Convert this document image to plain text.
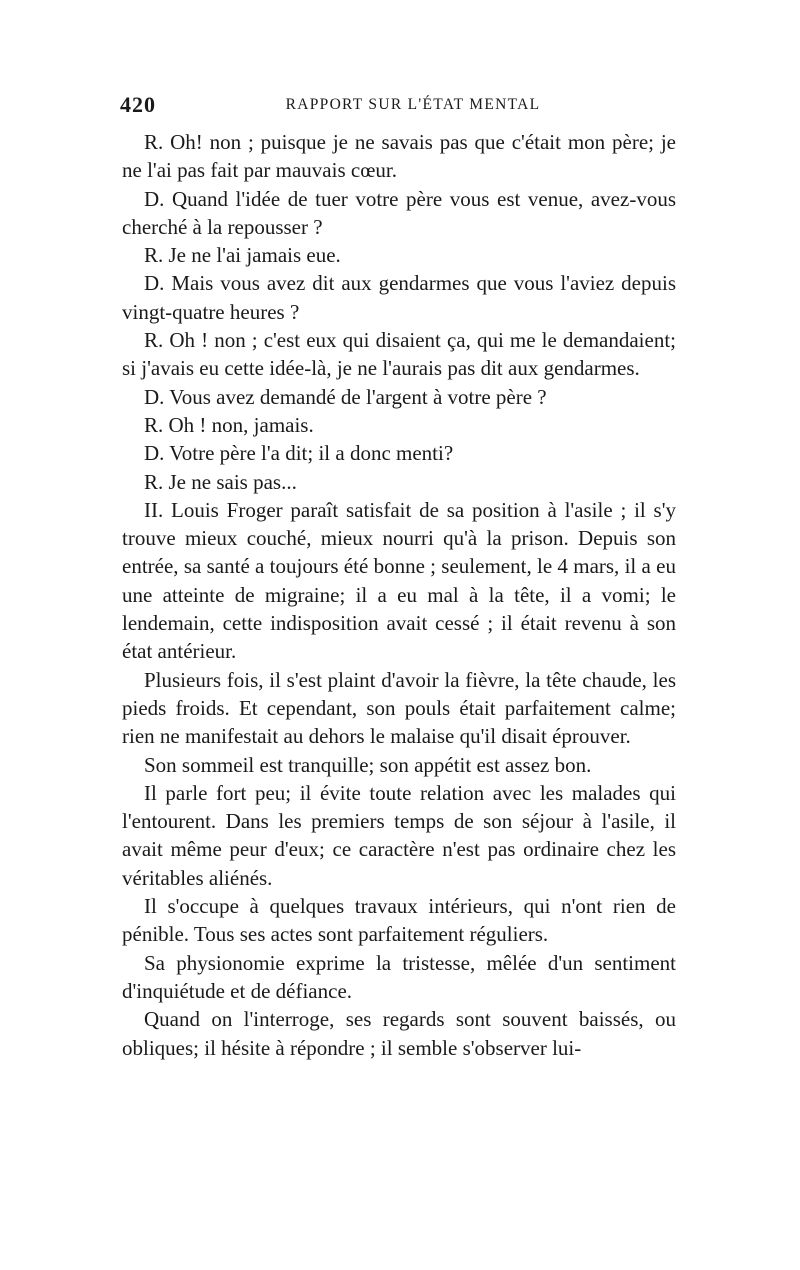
420	RAPPORT SUR L'ÉTAT MENTAL

R. Oh! non ; puisque je ne savais pas que c'était mon père; je ne l'ai pas fait par mauvais cœur.

D. Quand l'idée de tuer votre père vous est venue, avez-vous cherché à la repousser ?

R. Je ne l'ai jamais eue.

D. Mais vous avez dit aux gendarmes que vous l'aviez depuis vingt-quatre heures ?

R. Oh ! non ; c'est eux qui disaient ça, qui me le demandaient; si j'avais eu cette idée-là, je ne l'aurais pas dit aux gendarmes.

D. Vous avez demandé de l'argent à votre père ?

R. Oh ! non, jamais.

D. Votre père l'a dit; il a donc menti?

R. Je ne sais pas...

II. Louis Froger paraît satisfait de sa position à l'asile ; il s'y trouve mieux couché, mieux nourri qu'à la prison. Depuis son entrée, sa santé a toujours été bonne ; seulement, le 4 mars, il a eu une atteinte de migraine; il a eu mal à la tête, il a vomi; le lendemain, cette indisposition avait cessé ; il était revenu à son état antérieur.

Plusieurs fois, il s'est plaint d'avoir la fièvre, la tête chaude, les pieds froids. Et cependant, son pouls était parfaitement calme; rien ne manifestait au dehors le malaise qu'il disait éprouver.

Son sommeil est tranquille; son appétit est assez bon.

Il parle fort peu; il évite toute relation avec les malades qui l'entourent. Dans les premiers temps de son séjour à l'asile, il avait même peur d'eux; ce caractère n'est pas ordinaire chez les véritables aliénés.

Il s'occupe à quelques travaux intérieurs, qui n'ont rien de pénible. Tous ses actes sont parfaitement réguliers.

Sa physionomie exprime la tristesse, mêlée d'un sentiment d'inquiétude et de défiance.

Quand on l'interroge, ses regards sont souvent baissés, ou obliques; il hésite à répondre ; il semble s'observer lui-
